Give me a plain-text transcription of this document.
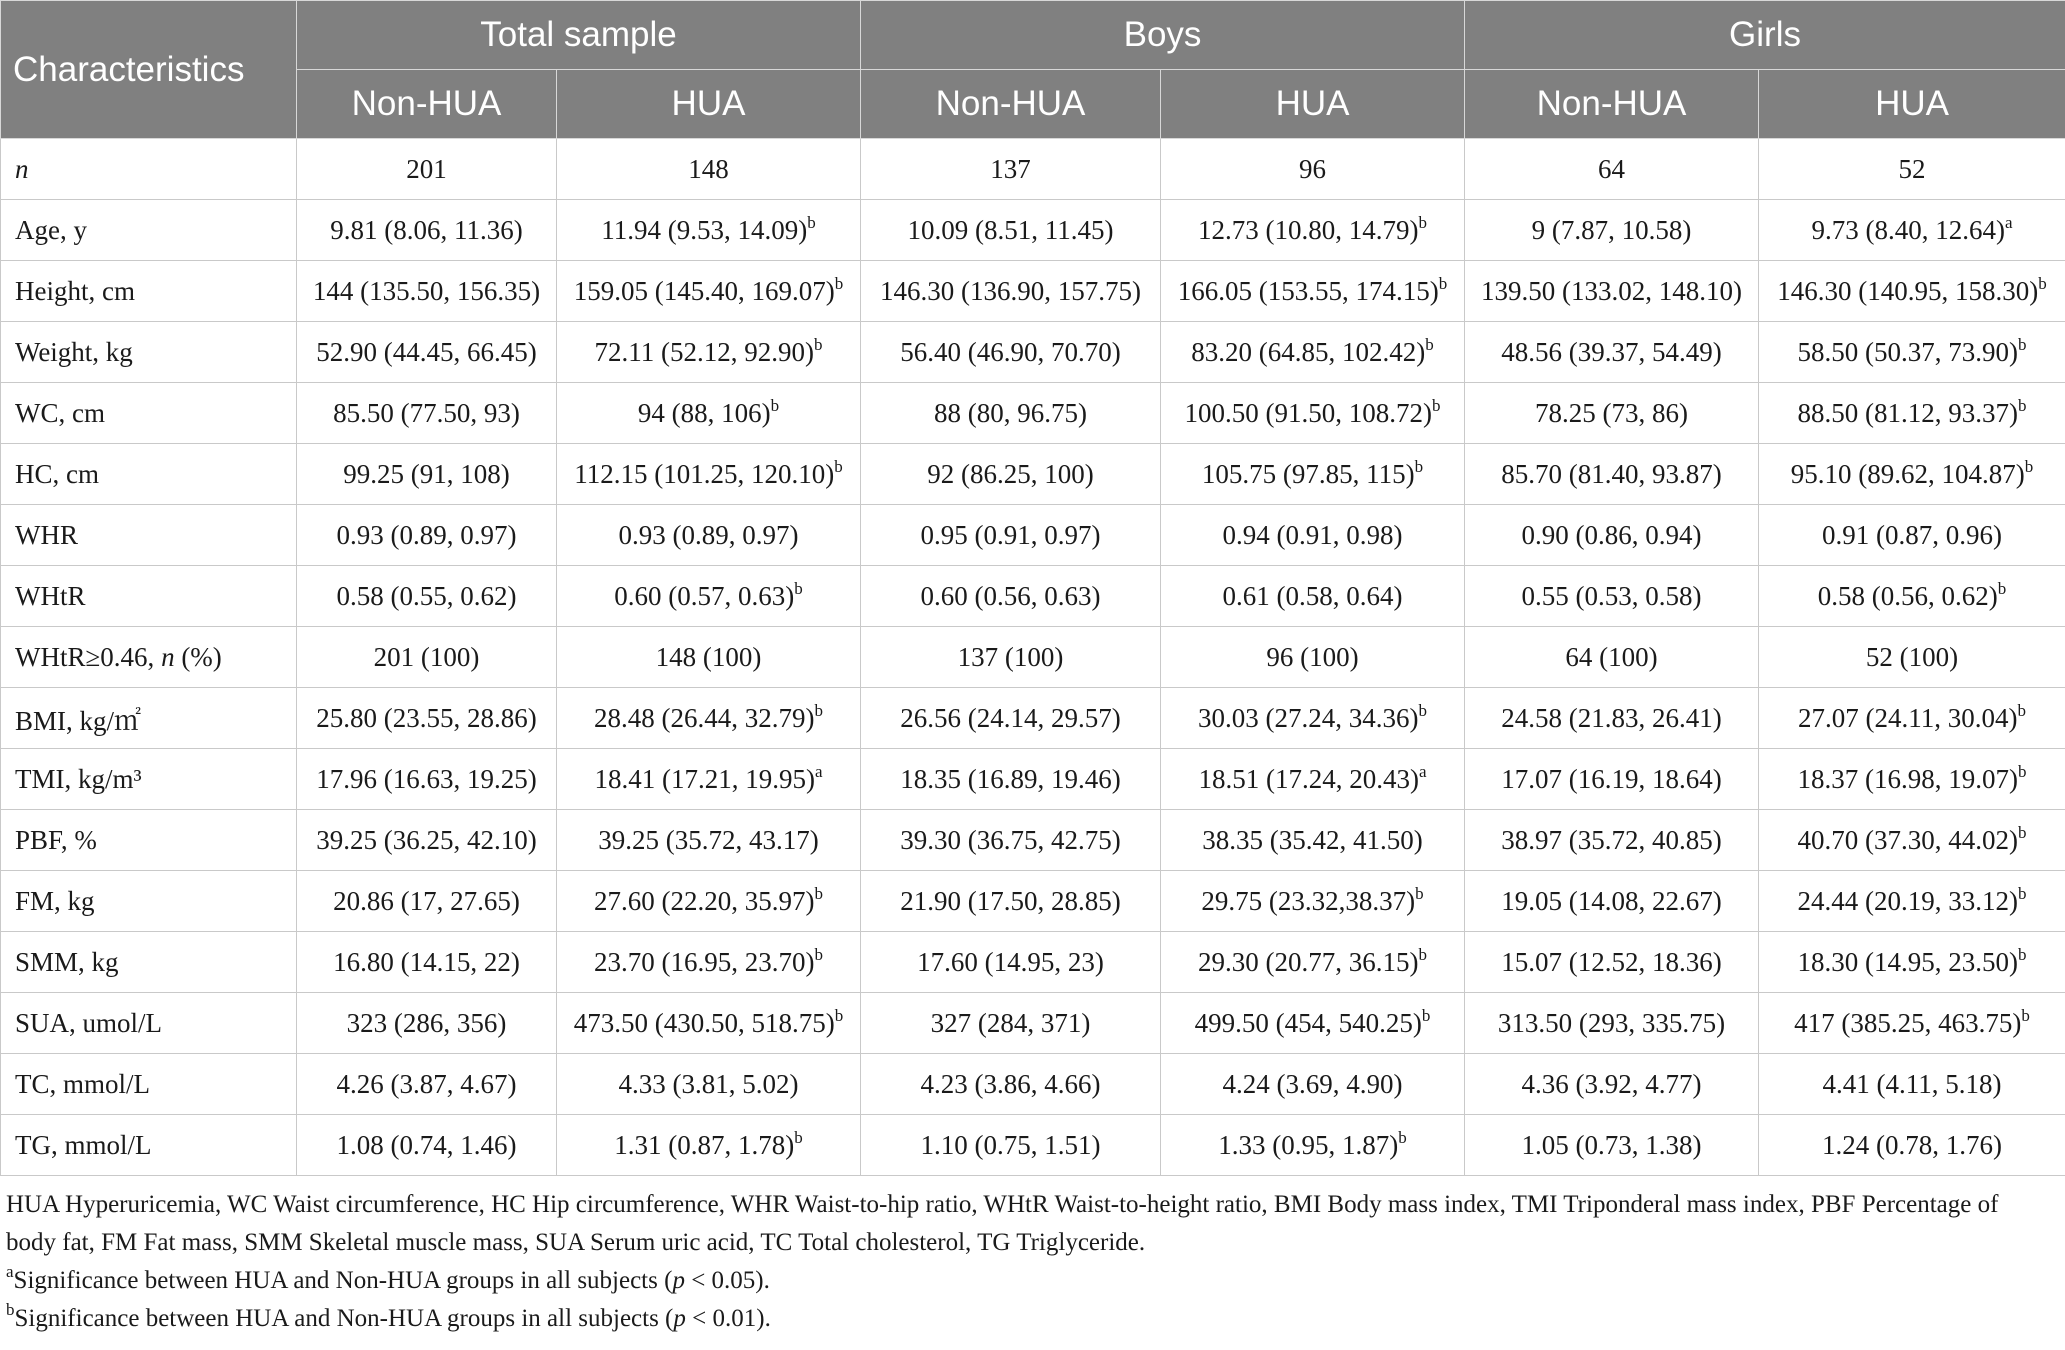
Characteristics	Total sample		Boys		Girls	
	Non-HUA	HUA	Non-HUA	HUA	Non-HUA	HUA
n	201	148	137	96	64	52
Age, y	9.81 (8.06, 11.36)	11.94 (9.53, 14.09)$^b$	10.09 (8.51, 11.45)	12.73 (10.80, 14.79)$^b$	9 (7.87, 10.58)	9.73 (8.40, 12.64)$^a$
Height, cm	144 (135.50, 156.35)	159.05 (145.40, 169.07)$^b$	146.30 (136.90, 157.75)	166.05 (153.55, 174.15)$^b$	139.50 (133.02, 148.10)	146.30 (140.95, 158.30)$^b$
Weight, kg	52.90 (44.45, 66.45)	72.11 (52.12, 92.90)$^b$	56.40 (46.90, 70.70)	83.20 (64.85, 102.42)$^b$	48.56 (39.37, 54.49)	58.50 (50.37, 73.90)$^b$
WC, cm	85.50 (77.50, 93)	94 (88, 106)$^b$	88 (80, 96.75)	100.50 (91.50, 108.72)$^b$	78.25 (73, 86)	88.50 (81.12, 93.37)$^b$
HC, cm	99.25 (91, 108)	112.15 (101.25, 120.10)$^b$	92 (86.25, 100)	105.75 (97.85, 115)$^b$	85.70 (81.40, 93.87)	95.10 (89.62, 104.87)$^b$
WHR	0.93 (0.89, 0.97)	0.93 (0.89, 0.97)	0.95 (0.91, 0.97)	0.94 (0.91, 0.98)	0.90 (0.86, 0.94)	0.91 (0.87, 0.96)
WHtR	0.58 (0.55, 0.62)	0.60 (0.57, 0.63)$^b$	0.60 (0.56, 0.63)	0.61 (0.58, 0.64)	0.55 (0.53, 0.58)	0.58 (0.56, 0.62)$^b$
WHtR≥0.46, n (%)	201 (100)	148 (100)	137 (100)	96 (100)	64 (100)	52 (100)
BMI, kg/㎡	25.80 (23.55, 28.86)	28.48 (26.44, 32.79)$^b$	26.56 (24.14, 29.57)	30.03 (27.24, 34.36)$^b$	24.58 (21.83, 26.41)	27.07 (24.11, 30.04)$^b$
TMI, kg/m³	17.96 (16.63, 19.25)	18.41 (17.21, 19.95)$^a$	18.35 (16.89, 19.46)	18.51 (17.24, 20.43)$^a$	17.07 (16.19, 18.64)	18.37 (16.98, 19.07)$^b$
PBF, %	39.25 (36.25, 42.10)	39.25 (35.72, 43.17)	39.30 (36.75, 42.75)	38.35 (35.42, 41.50)	38.97 (35.72, 40.85)	40.70 (37.30, 44.02)$^b$
FM, kg	20.86 (17, 27.65)	27.60 (22.20, 35.97)$^b$	21.90 (17.50, 28.85)	29.75 $(23.32,38.37)^b$	19.05 (14.08, 22.67)	24.44 (20.19, 33.12)$^b$
SMM, kg	16.80 (14.15, 22)	23.70 (16.95, 23.70)$^b$	17.60 (14.95, 23)	29.30 (20.77, 36.15)$^b$	15.07 (12.52, 18.36)	18.30 (14.95, 23.50)$^b$
SUA, umol/L	323 (286, 356)	473.50 (430.50, 518.75)$^b$	327 (284, 371)	499.50 (454, 540.25)$^b$	313.50 (293, 335.75)	417 (385.25, 463.75)$^b$
TC, mmol/L	4.26 (3.87, 4.67)	4.33 (3.81, 5.02)	4.23 (3.86, 4.66)	4.24 (3.69, 4.90)	4.36 (3.92, 4.77)	4.41 (4.11, 5.18)
TG, mmol/L	1.08 (0.74, 1.46)	1.31 (0.87, 1.78)$^b$	1.10 (0.75, 1.51)	1.33 (0.95, 1.87)$^b$	1.05 (0.73, 1.38)	1.24 (0.78, 1.76)

HUA Hyperuricemia, WC Waist circumference, HC Hip circumference, WHR Waist-to-hip ratio, WHtR Waist-to-height ratio, BMI Body mass index, TMI Triponderal mass index, PBF Percentage of body fat, FM Fat mass, SMM Skeletal muscle mass, SUA Serum uric acid, TC Total cholesterol, TG Triglyceride.

$^a$Significance between HUA and Non-HUA groups in all subjects (p < 0.05).

$^b$Significance between HUA and Non-HUA groups in all subjects (p < 0.01).
